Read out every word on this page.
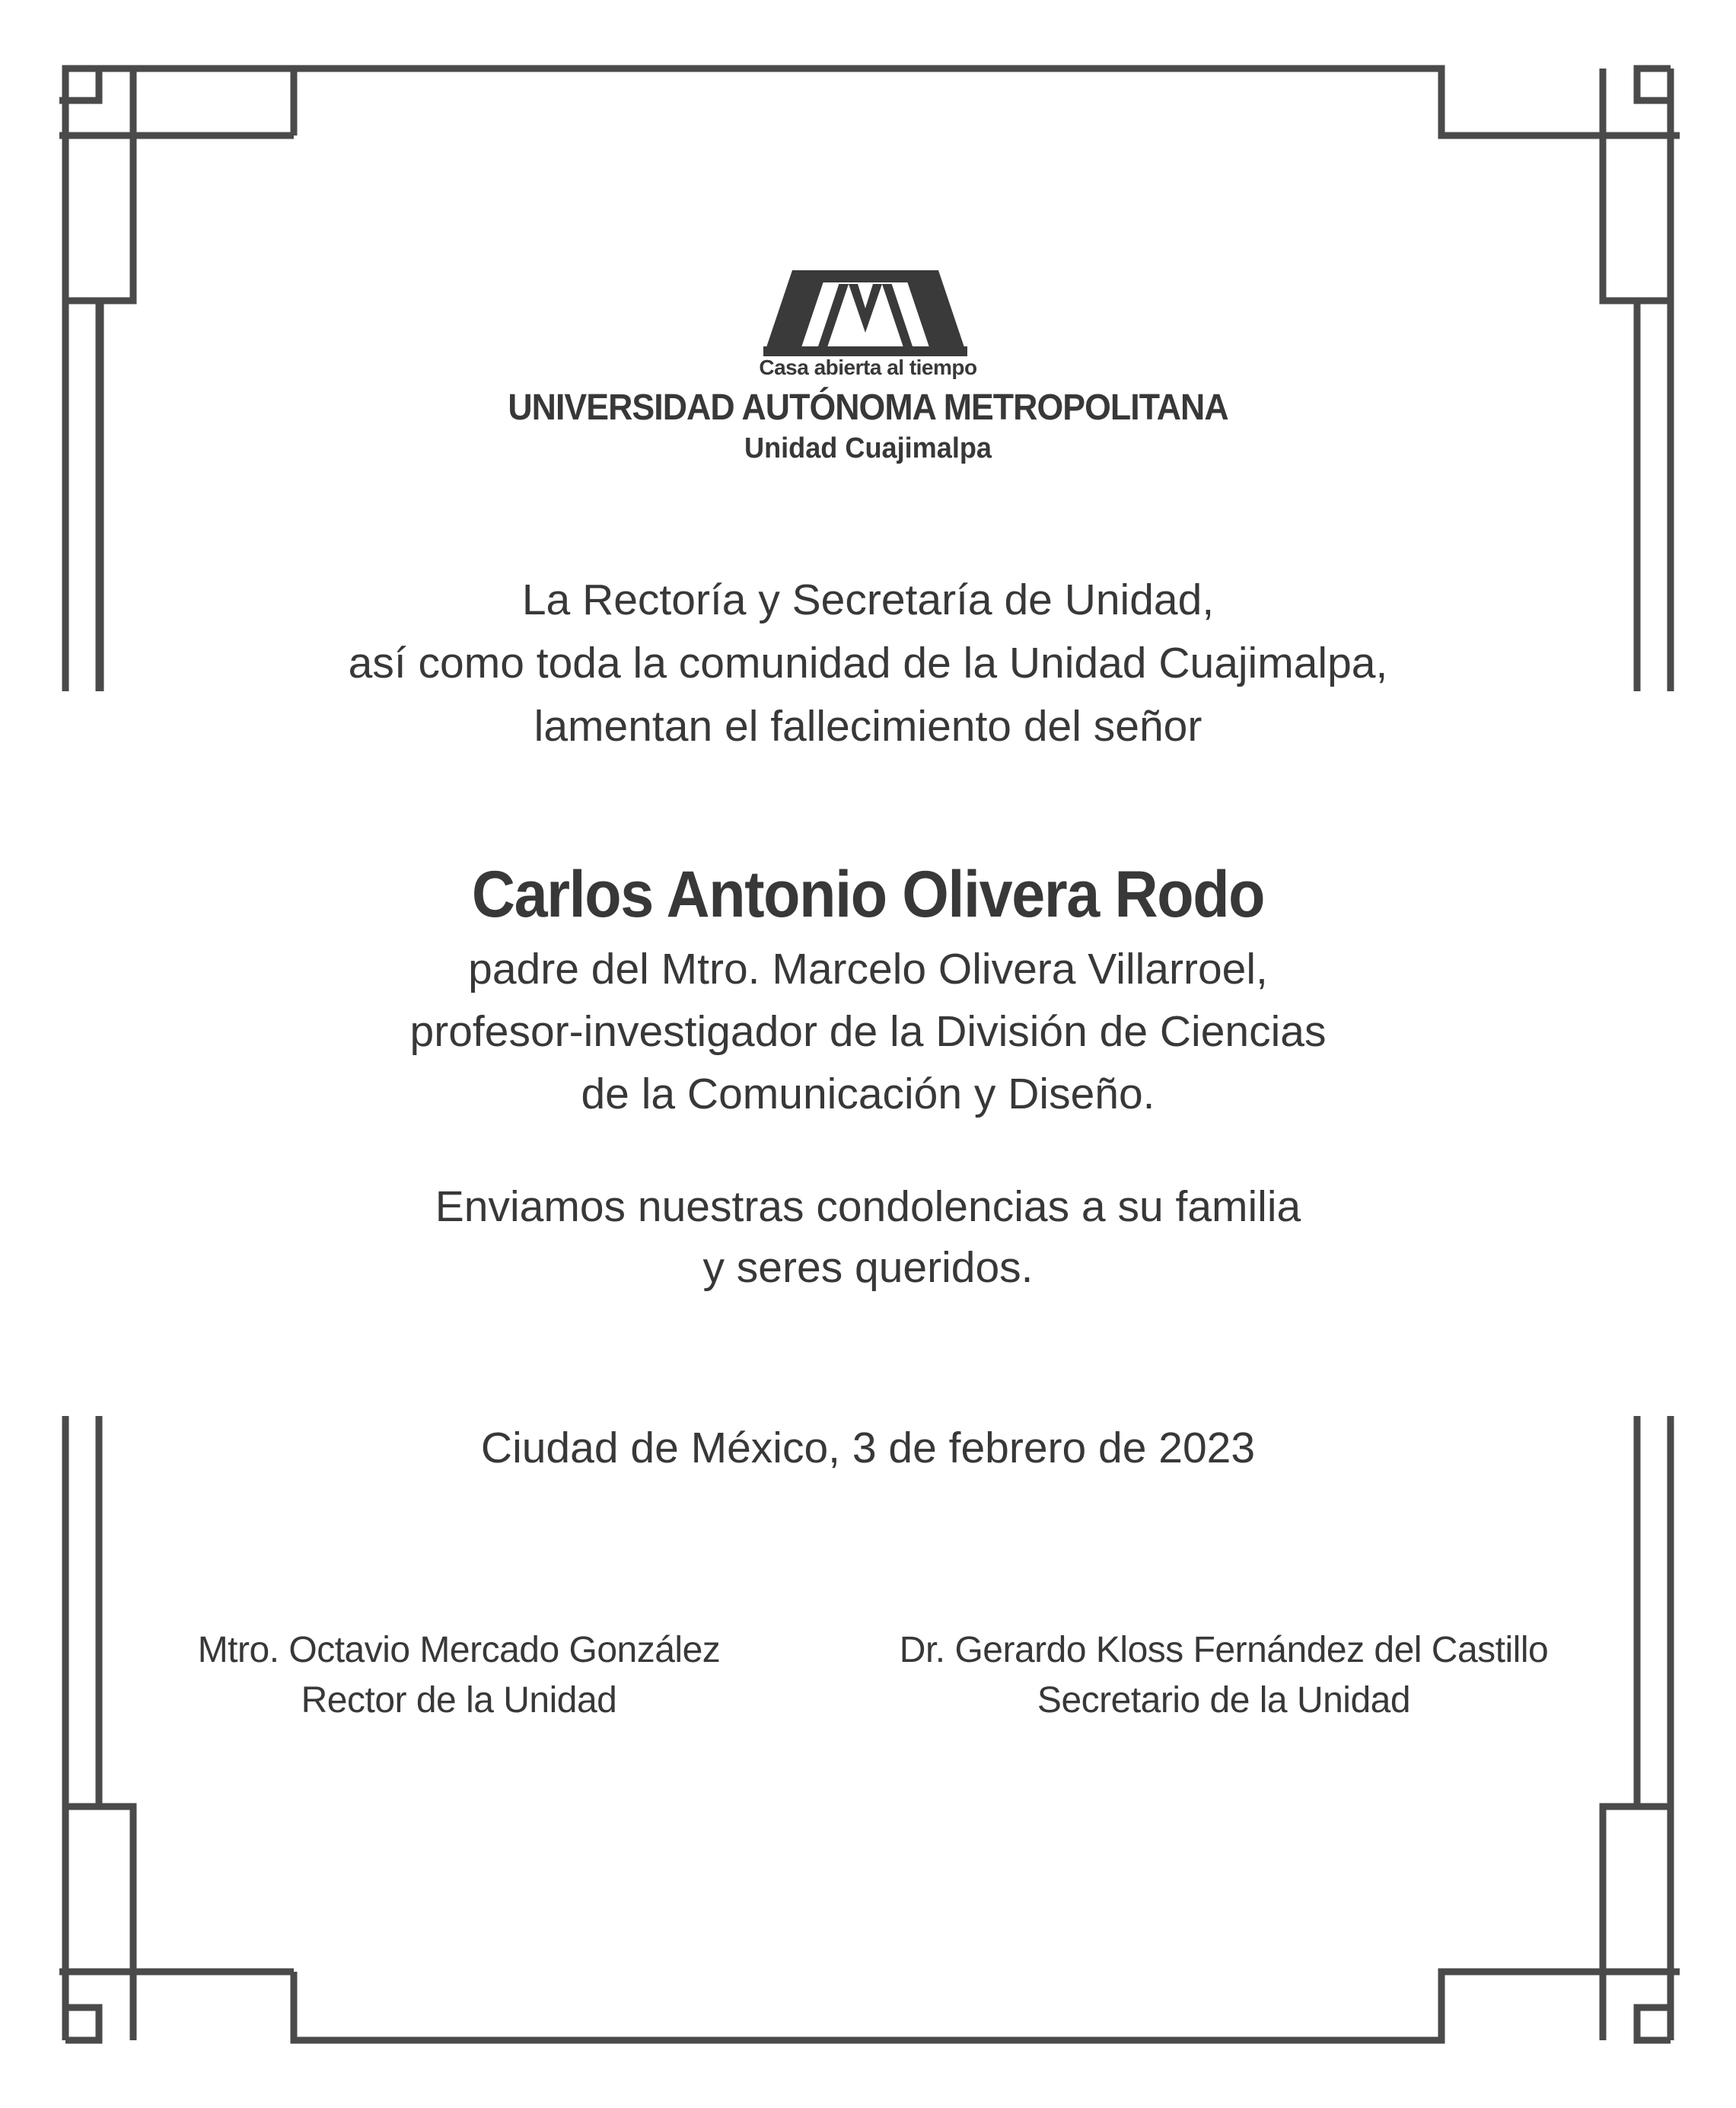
Casa abierta al tiempo

UNIVERSIDAD AUTÓNOMA METROPOLITANA

Unidad Cuajimalpa

La Rectoría y Secretaría de Unidad,
así como toda la comunidad de la Unidad Cuajimalpa,
lamentan el fallecimiento del señor

Carlos Antonio Olivera Rodo

padre del Mtro. Marcelo Olivera Villarroel,
profesor-investigador de la División de Ciencias
de la Comunicación y Diseño.
Enviamos nuestras condolencias a su familia
y seres queridos.

Ciudad de México, 3 de febrero de 2023

Mtro. Octavio Mercado González
Rector de la Unidad
Dr. Gerardo Kloss Fernández del Castillo
Secretario de la Unidad
